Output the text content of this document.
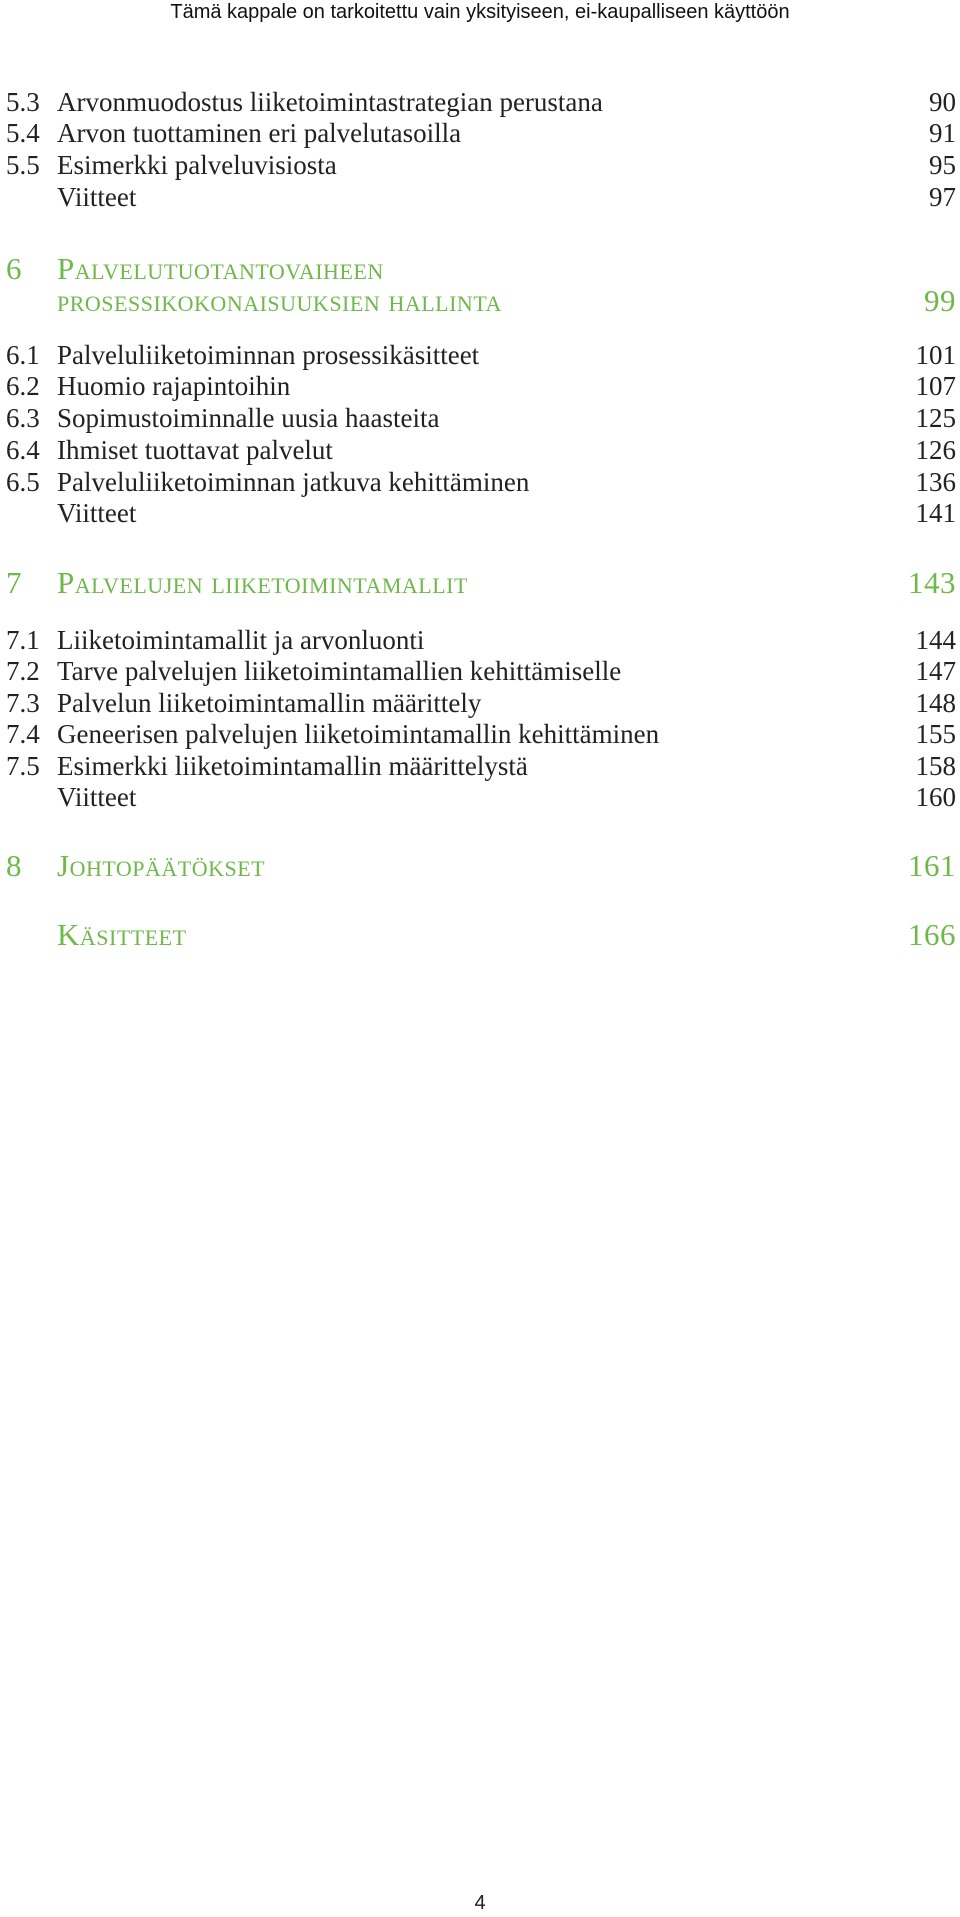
Tämä kappale on tarkoitettu vain yksityiseen, ei-kaupalliseen käyttöön
5.3 Arvonmuodostus liiketoimintastrategian perustana	90
5.4 Arvon tuottaminen eri palvelutasoilla	91
5.5 Esimerkki palveluvisiosta	95
Viitteet	97
6 Palvelutuotantovaiheen
prosessikokonaisuuksien hallinta	99
6.1 Palveluliiketoiminnan prosessikäsitteet	101
6.2 Huomio rajapintoihin	107
6.3 Sopimustoiminnalle uusia haasteita	125
6.4 Ihmiset tuottavat palvelut	126
6.5 Palveluliiketoiminnan jatkuva kehittäminen	136
Viitteet	141
7 Palvelujen liiketoimintamallit	143
7.1 Liiketoimintamallit ja arvonluonti	144
7.2 Tarve palvelujen liiketoimintamallien kehittämiselle	147
7.3 Palvelun liiketoimintamallin määrittely	148
7.4 Geneerisen palvelujen liiketoimintamallin kehittäminen	155
7.5 Esimerkki liiketoimintamallin määrittelystä	158
Viitteet	160
8 Johtopäätökset	161
Käsitteet	166
4
